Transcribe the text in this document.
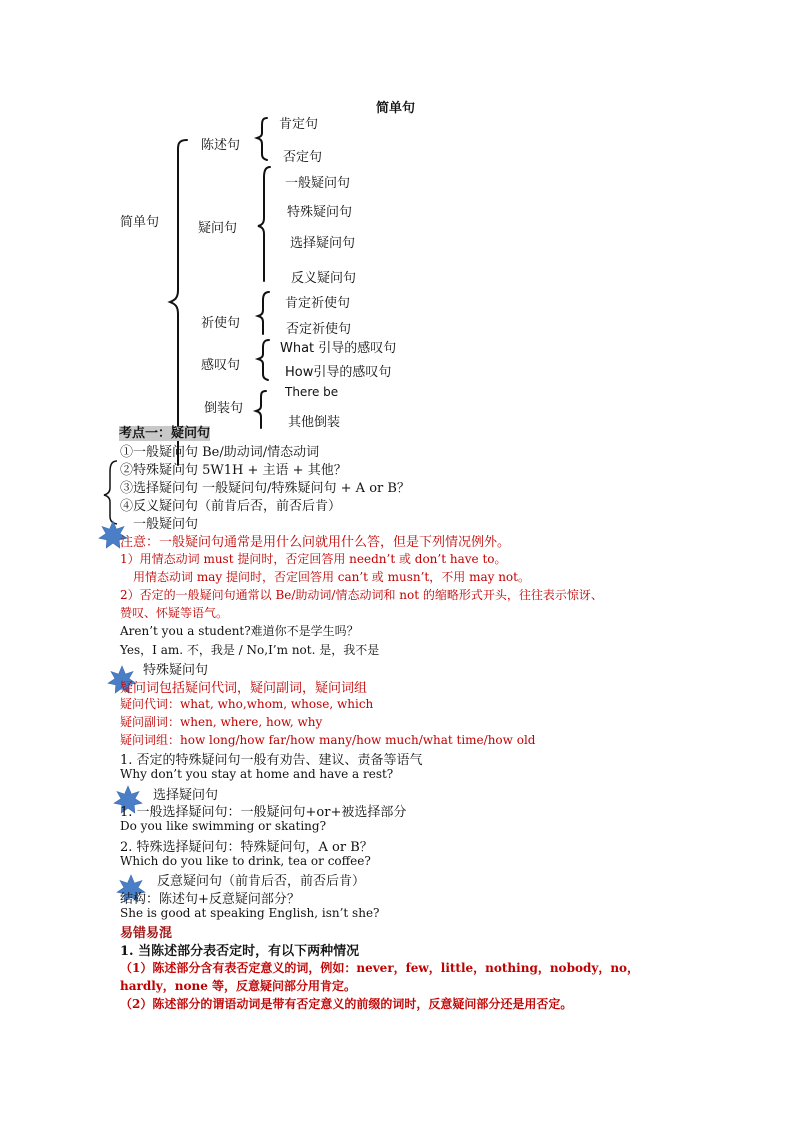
简单句
简单句
陈述句
肯定句
否定句
疑问句
一般疑问句
特殊疑问句
选择疑问句
反义疑问句
祈使句
肯定祈使句
否定祈使句
感叹句
What 引导的感叹句
How引导的感叹句
倒装句
There be
其他倒装
考点一：疑问句
①一般疑问句 Be/助动词/情态动词
②特殊疑问句 5W1H + 主语 + 其他？
③选择疑问句 一般疑问句/特殊疑问句 + A or B？
④反义疑问句（前肯后否，前否后肯）
一般疑问句
注意：一般疑问句通常是用什么问就用什么答，但是下列情况例外。
1）用情态动词 must 提问时，否定回答用 needn’t 或 don’t have to。
用情态动词 may 提问时，否定回答用 can’t 或 musn’t，不用 may not。
2）否定的一般疑问句通常以 Be/助动词/情态动词和 not 的缩略形式开头，往往表示惊讶、
赞叹、怀疑等语气。
Aren’t you a student?难道你不是学生吗？
Yes，I am. 不，我是 / No,I’m not. 是，我不是
特殊疑问句
疑问词包括疑问代词，疑问副词，疑问词组
疑问代词：what, who,whom, whose, which
疑问副词：when, where, how, why
疑问词组：how long/how far/how many/how much/what time/how old
1. 否定的特殊疑问句一般有劝告、建议、责备等语气
Why don’t you stay at home and have a rest?
选择疑问句
1. 一般选择疑问句：一般疑问句+or+被选择部分
Do you like swimming or skating?
2. 特殊选择疑问句：特殊疑问句，A or B？
Which do you like to drink, tea or coffee?
反意疑问句（前肯后否，前否后肯）
结构：陈述句+反意疑问部分？
She is good at speaking English, isn’t she?
易错易混
1. 当陈述部分表否定时，有以下两种情况
（1）陈述部分含有表否定意义的词，例如：never，few，little，nothing，nobody，no，
hardly，none 等，反意疑问部分用肯定。
（2）陈述部分的谓语动词是带有否定意义的前缀的词时，反意疑问部分还是用否定。
